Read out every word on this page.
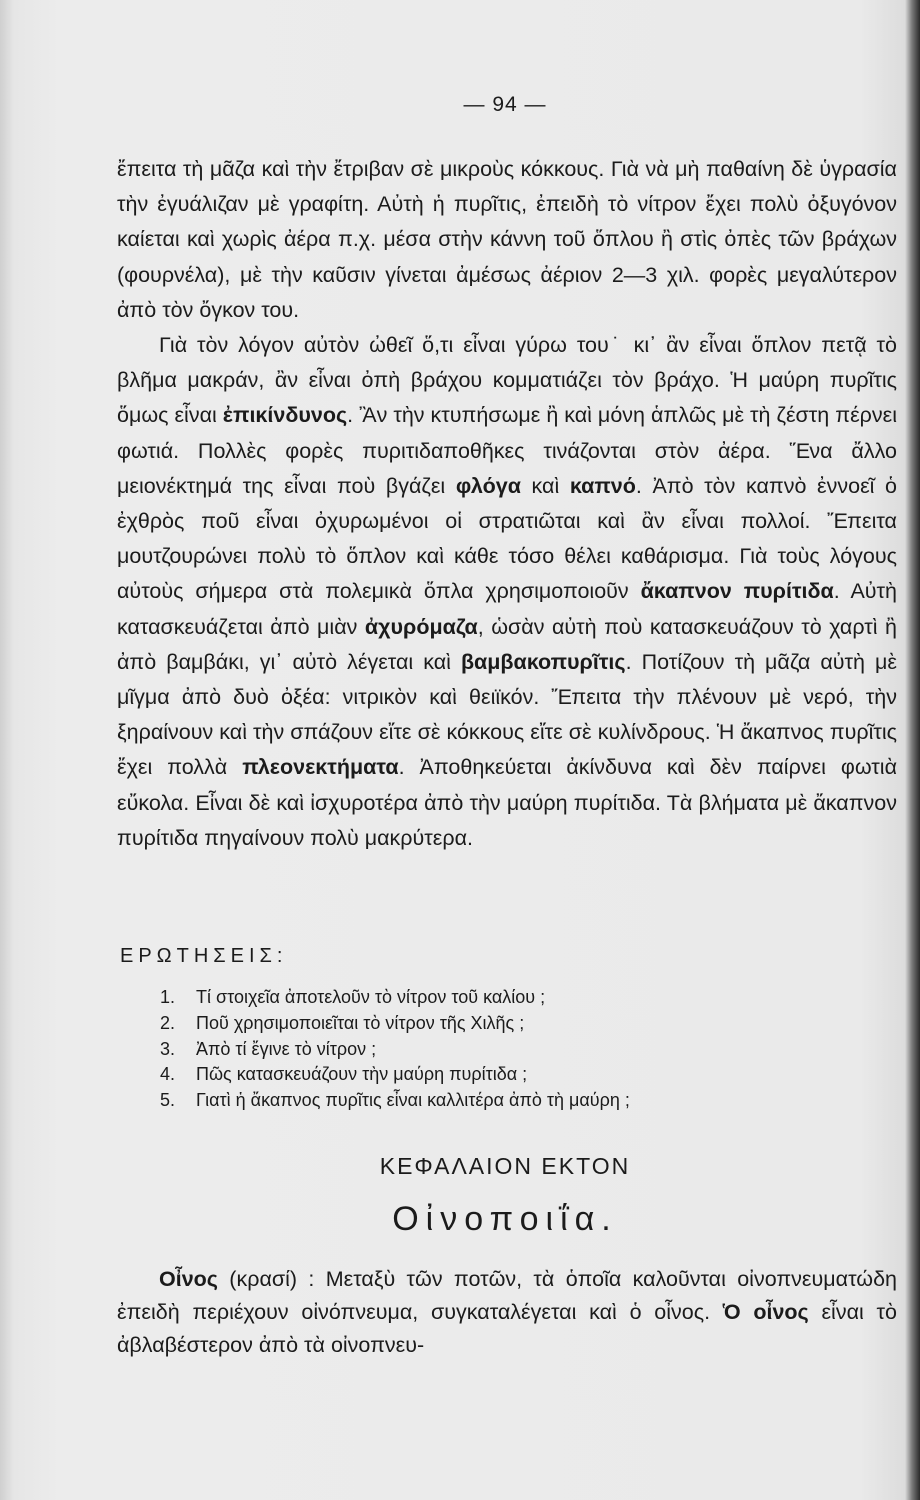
— 94 —

ἔπειτα τὴ μᾶζα καὶ τὴν ἔτριβαν σὲ μικροὺς κόκκους. Γιὰ νὰ μὴ παθαίνη δὲ ὑγρασία τὴν ἐγυάλιζαν μὲ γραφίτη. Αὐτὴ ἡ πυρῖτις, ἐπειδὴ τὸ νίτρον ἔχει πολὺ ὀξυγόνον καίεται καὶ χωρὶς ἀέρα π.χ. μέσα στὴν κάννη τοῦ ὅπλου ἢ στὶς ὀπὲς τῶν βράχων (φουρνέλα), μὲ τὴν καῦσιν γίνεται ἀμέσως ἀέριον 2—3 χιλ. φορὲς μεγαλύτερον ἀπὸ τὸν ὄγκον του.

Γιὰ τὸν λόγον αὐτὸν ὠθεῖ ὅ,τι εἶναι γύρω του˙ κι᾿ ἂν εἶναι ὅπλον πετᾷ τὸ βλῆμα μακράν, ἂν εἶναι ὀπὴ βράχου κομματιάζει τὸν βράχο. Ἡ μαύρη πυρῖτις ὅμως εἶναι ἐπικίνδυνος. Ἂν τὴν κτυπήσωμε ἢ καὶ μόνη ἁπλῶς μὲ τὴ ζέστη πέρνει φωτιά. Πολλὲς φορὲς πυριτιδαποθῆκες τινάζονται στὸν ἀέρα. Ἕνα ἄλλο μειονέκτημά της εἶναι ποὺ βγάζει φλόγα καὶ καπνό. Ἀπὸ τὸν καπνὸ ἐννοεῖ ὁ ἐχθρὸς ποῦ εἶναι ὀχυρωμένοι οἱ στρατιῶται καὶ ἂν εἶναι πολλοί. Ἔπειτα μουτζουρώνει πολὺ τὸ ὅπλον καὶ κάθε τόσο θέλει καθάρισμα. Γιὰ τοὺς λόγους αὐτοὺς σήμερα στὰ πολεμικὰ ὅπλα χρησιμοποιοῦν ἄκαπνον πυρίτιδα. Αὐτὴ κατασκευάζεται ἀπὸ μιὰν ἀχυρόμαζα, ὡσὰν αὐτὴ ποὺ κατασκευάζουν τὸ χαρτὶ ἢ ἀπὸ βαμβάκι, γι᾿ αὐτὸ λέγεται καὶ βαμβακοπυρῖτις. Ποτίζουν τὴ μᾶζα αὐτὴ μὲ μῖγμα ἀπὸ δυὸ ὀξέα: νιτρικὸν καὶ θειϊκόν. Ἔπειτα τὴν πλένουν μὲ νερό, τὴν ξηραίνουν καὶ τὴν σπάζουν εἴτε σὲ κόκκους εἴτε σὲ κυλίνδρους. Ἡ ἄκαπνος πυρῖτις ἔχει πολλὰ πλεονεκτήματα. Ἀποθηκεύεται ἀκίνδυνα καὶ δὲν παίρνει φωτιὰ εὔκολα. Εἶναι δὲ καὶ ἰσχυροτέρα ἀπὸ τὴν μαύρη πυρίτιδα. Τὰ βλήματα μὲ ἄκαπνον πυρίτιδα πηγαίνουν πολὺ μακρύτερα.

ΕΡΩΤΗΣΕΙΣ:
1. Τί στοιχεῖα ἀποτελοῦν τὸ νίτρον τοῦ καλίου ;
2. Ποῦ χρησιμοποιεῖται τὸ νίτρον τῆς Χιλῆς ;
3. Ἀπὸ τί ἔγινε τὸ νίτρον ;
4. Πῶς κατασκευάζουν τὴν μαύρη πυρίτιδα ;
5. Γιατὶ ἡ ἄκαπνος πυρῖτις εἶναι καλλιτέρα ἀπὸ τὴ μαύρη ;
ΚΕΦΑΛΑΙΟΝ ΕΚΤΟΝ
Οἰνοποιΐα.

Οἶνος (κρασί) : Μεταξὺ τῶν ποτῶν, τὰ ὁποῖα καλοῦνται οἰνοπνευματώδη ἐπειδὴ περιέχουν οἰνόπνευμα, συγκαταλέγεται καὶ ὁ οἶνος. Ὁ οἶνος εἶναι τὸ ἀβλαβέστερον ἀπὸ τὰ οἰνοπνευ-
